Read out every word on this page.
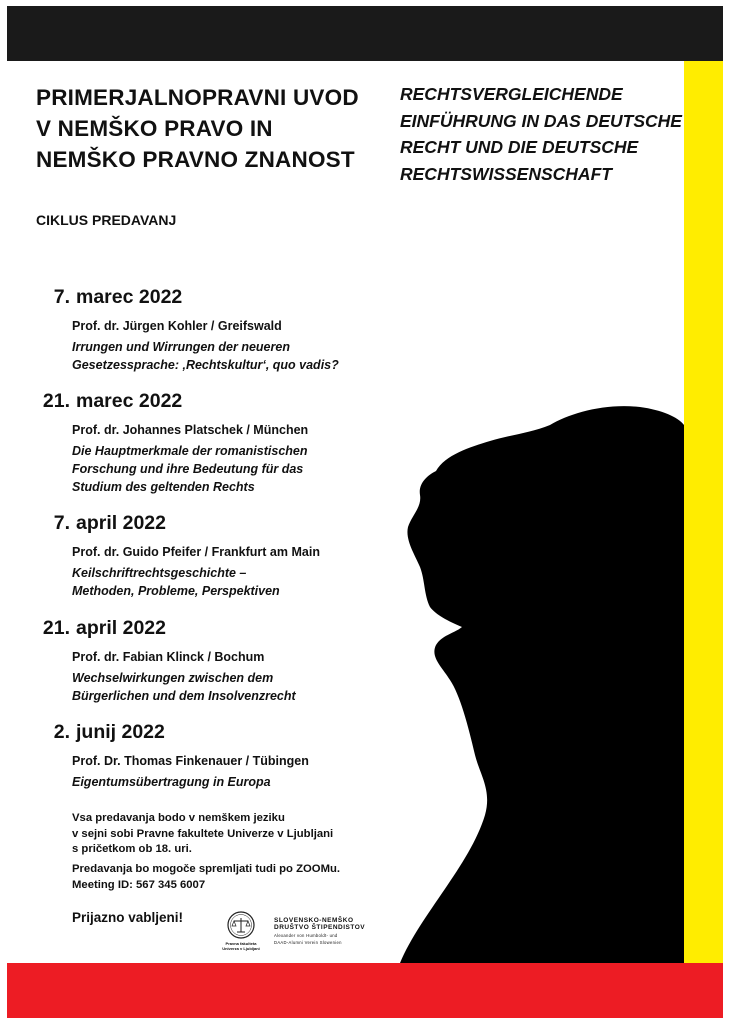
PRIMERJALNOPRAVNI UVOD V NEMŠKO PRAVO IN NEMŠKO PRAVNO ZNANOST
CIKLUS PREDAVANJ
RECHTSVERGLEICHENDE EINFÜHRUNG IN DAS DEUTSCHE RECHT UND DIE DEUTSCHE RECHTSWISSENSCHAFT
7. marec 2022
Prof. dr. Jürgen Kohler / Greifswald
Irrungen und Wirrungen der neueren
Gesetzessprache: ‚Rechtskultur‘, quo vadis?
21. marec 2022
Prof. dr. Johannes Platschek / München
Die Hauptmerkmale der romanistischen
Forschung und ihre Bedeutung für das
Studium des geltenden Rechts
7. april 2022
Prof. dr. Guido Pfeifer / Frankfurt am Main
Keilschriftrechtsgeschichte –
Methoden, Probleme, Perspektiven
21. april 2022
Prof. dr. Fabian Klinck / Bochum
Wechselwirkungen zwischen dem
Bürgerlichen und dem Insolvenzrecht
2. junij 2022
Prof. Dr. Thomas Finkenauer / Tübingen
Eigentumsübertragung in Europa
Vsa predavanja bodo v nemškem jeziku
v sejni sobi Pravne fakultete Univerze v Ljubljani
s pričetkom ob 18. uri.
Predavanja bo mogoče spremljati tudi po ZOOMu.
Meeting ID: 567 345 6007
Prijazno vabljeni!
Pravna fakulteta
Univerza v Ljubljani
SLOVENSKO-NEMŠKO
DRUŠTVO ŠTIPENDISTOV
Alexander von Humboldt- und
DAAD-Alumni Verein Slowenien
